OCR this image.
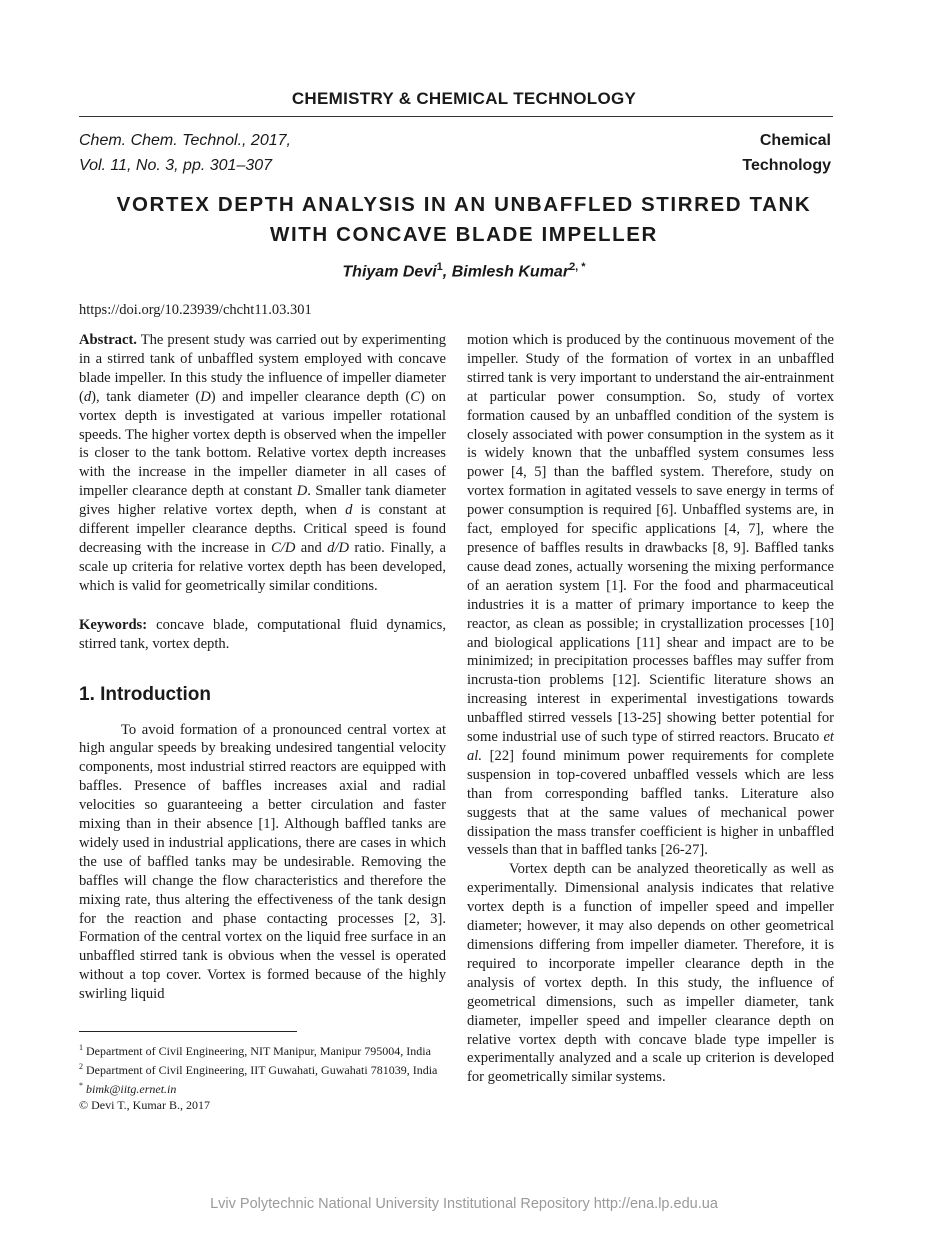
CHEMISTRY & CHEMICAL TECHNOLOGY
Chem. Chem. Technol., 2017,
Vol. 11, No. 3, pp. 301–307
Chemical
Technology
VORTEX DEPTH ANALYSIS IN AN UNBAFFLED STIRRED TANK
WITH CONCAVE BLADE IMPELLER
Thiyam Devi$^1$, Bimlesh Kumar$^{2, *}$
https://doi.org/10.23939/chcht11.03.301

Abstract. The present study was carried out by experimenting in a stirred tank of unbaffled system employed with concave blade impeller. In this study the influence of impeller diameter (d), tank diameter (D) and impeller clearance depth (C) on vortex depth is investigated at various impeller rotational speeds. The higher vortex depth is observed when the impeller is closer to the tank bottom. Relative vortex depth increases with the increase in the impeller diameter in all cases of impeller clearance depth at constant D. Smaller tank diameter gives higher relative vortex depth, when d is constant at different impeller clearance depths. Critical speed is found decreasing with the increase in C/D and d/D ratio. Finally, a scale up criteria for relative vortex depth has been developed, which is valid for geometrically similar conditions.

Keywords: concave blade, computational fluid dynamics, stirred tank, vortex depth.

1. Introduction

To avoid formation of a pronounced central vortex at high angular speeds by breaking undesired tangential velocity components, most industrial stirred reactors are equipped with baffles. Presence of baffles increases axial and radial velocities so guaranteeing a better circulation and faster mixing than in their absence [1]. Although baffled tanks are widely used in industrial applications, there are cases in which the use of baffled tanks may be undesirable. Removing the baffles will change the flow characteristics and therefore the mixing rate, thus altering the effectiveness of the tank design for the reaction and phase contacting processes [2, 3]. Formation of the central vortex on the liquid free surface in an unbaffled stirred tank is obvious when the vessel is operated without a top cover. Vortex is formed because of the highly swirling liquid

motion which is produced by the continuous movement of the impeller. Study of the formation of vortex in an unbaffled stirred tank is very important to understand the air-entrainment at particular power consumption. So, study of vortex formation caused by an unbaffled condition of the system is closely associated with power consumption in the system as it is widely known that the unbaffled system consumes less power [4, 5] than the baffled system. Therefore, study on vortex formation in agitated vessels to save energy in terms of power consumption is required [6]. Unbaffled systems are, in fact, employed for specific applications [4, 7], where the presence of baffles results in drawbacks [8, 9]. Baffled tanks cause dead zones, actually worsening the mixing performance of an aeration system [1]. For the food and pharmaceutical industries it is a matter of primary importance to keep the reactor, as clean as possible; in crystallization processes [10] and biological applications [11] shear and impact are to be minimized; in precipitation processes baffles may suffer from incrusta-tion problems [12]. Scientific literature shows an increasing interest in experimental investigations towards unbaffled stirred vessels [13-25] showing better potential for some industrial use of such type of stirred reactors. Brucato et al. [22] found minimum power requirements for complete suspension in top-covered unbaffled vessels which are less than from corresponding baffled tanks. Literature also suggests that at the same values of mechanical power dissipation the mass transfer coefficient is higher in unbaffled vessels than that in baffled tanks [26-27].

Vortex depth can be analyzed theoretically as well as experimentally. Dimensional analysis indicates that relative vortex depth is a function of impeller speed and impeller diameter; however, it may also depends on other geometrical dimensions differing from impeller diameter. Therefore, it is required to incorporate impeller clearance depth in the analysis of vortex depth. In this study, the influence of geometrical dimensions, such as impeller diameter, tank diameter, impeller speed and impeller clearance depth on relative vortex depth with concave blade type impeller is experimentally analyzed and a scale up criterion is developed for geometrically similar systems.

$^1$ Department of Civil Engineering, NIT Manipur, Manipur 795004, India

$^2$ Department of Civil Engineering, IIT Guwahati, Guwahati 781039, India

* bimk@iitg.ernet.in

© Devi T., Kumar B., 2017

Lviv Polytechnic National University Institutional Repository http://ena.lp.edu.ua
